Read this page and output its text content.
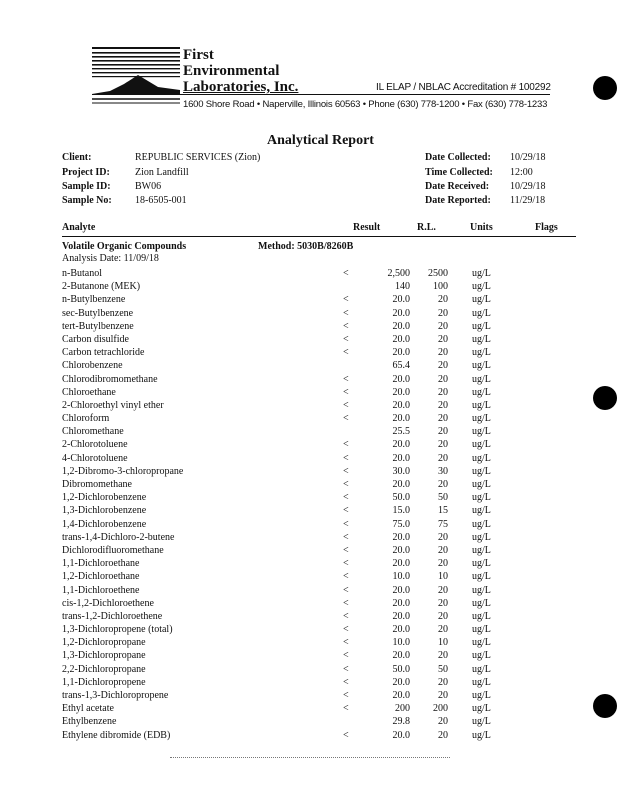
First
Environmental
Laboratories, Inc.	IL ELAP / NBLAC Accreditation # 100292
1600 Shore Road • Naperville, Illinois 60563 • Phone (630) 778-1200 • Fax (630) 778-1233
Analytical Report
Client:	REPUBLIC SERVICES (Zion)
Project ID:	Zion Landfill
Sample ID: BW06
Sample No: 18-6505-001
Date Collected: 10/29/18
Time Collected: 12:00
Date Received: 10/29/18
Date Reported: 11/29/18
Analyte	Result	R.L.	Units	Flags
Volatile Organic Compounds	Method: 5030B/8260B
Analysis Date: 11/09/18
n-Butanol	<	2,500	2500 ug/L
2-Butanone (MEK)	140	100 ug/L
n-Butylbenzene	<	20.0	20 ug/L
sec-Butylbenzene	<	20.0	20 ug/L
tert-Butylbenzene	<	20.0	20 ug/L
Carbon disulfide	<	20.0	20 ug/L
Carbon tetrachloride	<	20.0	20 ug/L
Chlorobenzene	65.4	20 ug/L
Chlorodibromomethane	<	20.0	20 ug/L
Chloroethane	<	20.0	20 ug/L
2-Chloroethyl vinyl ether	<	20.0	20 ug/L
Chloroform	<	20.0	20 ug/L
Chloromethane	25.5	20 ug/L
2-Chlorotoluene	<	20.0	20 ug/L
4-Chlorotoluene	<	20.0	20 ug/L
1,2-Dibromo-3-chloropropane	<	30.0	30 ug/L
Dibromomethane	<	20.0	20 ug/L
1,2-Dichlorobenzene	<	50.0	50 ug/L
1,3-Dichlorobenzene	<	15.0	15 ug/L
1,4-Dichlorobenzene	<	75.0	75 ug/L
trans-1,4-Dichloro-2-butene	<	20.0	20 ug/L
Dichlorodifluoromethane	<	20.0	20 ug/L
1,1-Dichloroethane	<	20.0	20 ug/L
1,2-Dichloroethane	<	10.0	10 ug/L
1,1-Dichloroethene	<	20.0	20 ug/L
cis-1,2-Dichloroethene	<	20.0	20 ug/L
trans-1,2-Dichloroethene	<	20.0	20 ug/L
1,3-Dichloropropene (total)	<	20.0	20 ug/L
1,2-Dichloropropane	<	10.0	10 ug/L
1,3-Dichloropropane	<	20.0	20 ug/L
2,2-Dichloropropane	<	50.0	50 ug/L
1,1-Dichloropropene	<	20.0	20 ug/L
trans-1,3-Dichloropropene	<	20.0	20 ug/L
Ethyl acetate	<	200	200 ug/L
Ethylbenzene	29.8	20 ug/L
Ethylene dibromide (EDB)	<	20.0	20 ug/L
